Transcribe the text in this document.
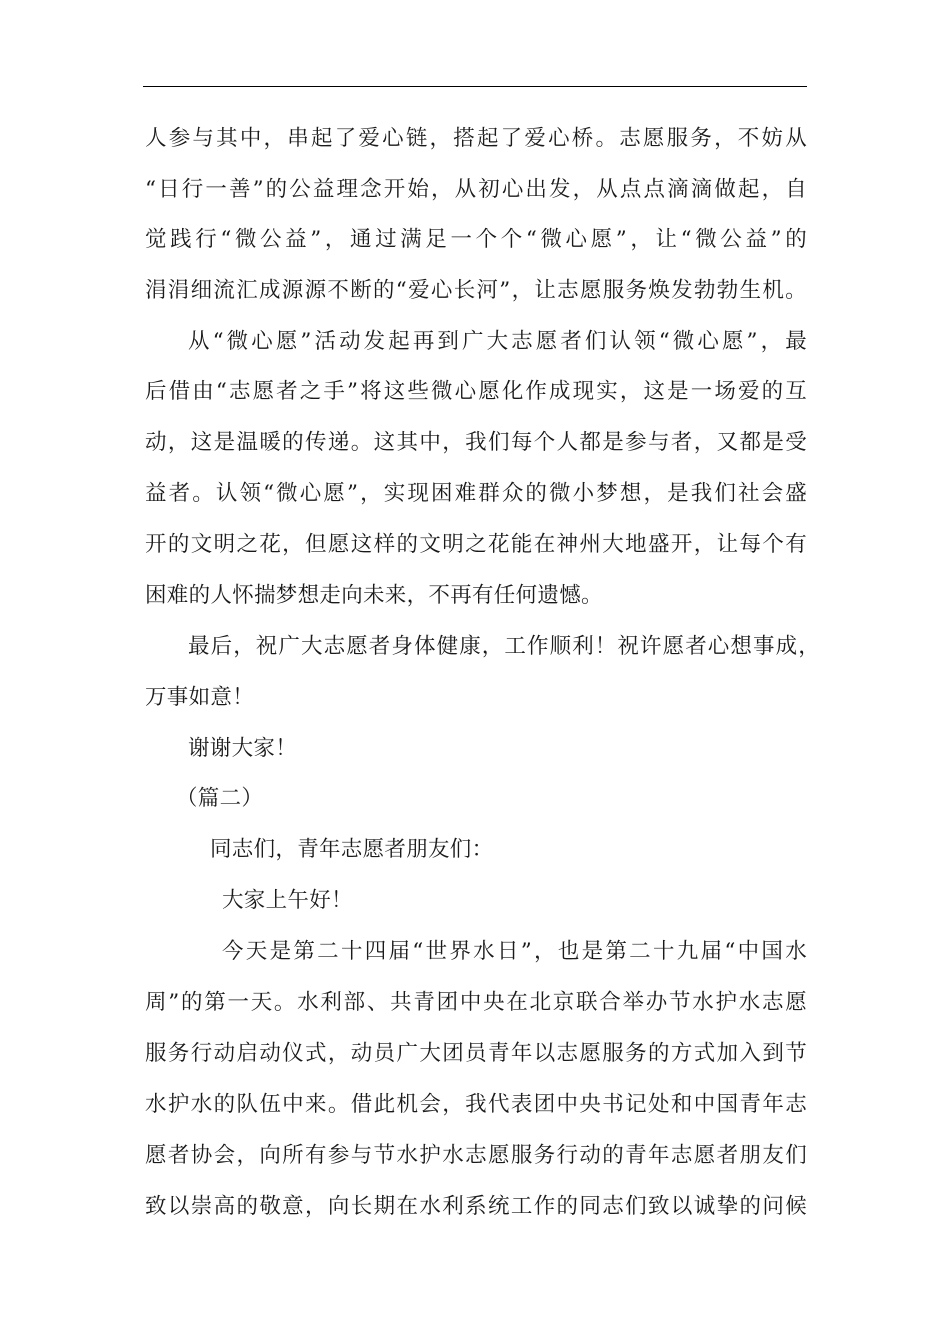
人参与其中，串起了爱心链，搭起了爱心桥。志愿服务，不妨从
“日行一善”的公益理念开始，从初心出发，从点点滴滴做起，自
觉践行“微公益”，通过满足一个个“微心愿”，让“微公益”的
涓涓细流汇成源源不断的“爱心长河”，让志愿服务焕发勃勃生机。
从“微心愿”活动发起再到广大志愿者们认领“微心愿”，最
后借由“志愿者之手”将这些微心愿化作成现实，这是一场爱的互
动，这是温暖的传递。这其中，我们每个人都是参与者，又都是受
益者。认领“微心愿”，实现困难群众的微小梦想，是我们社会盛
开的文明之花，但愿这样的文明之花能在神州大地盛开，让每个有
困难的人怀揣梦想走向未来，不再有任何遗憾。
最后，祝广大志愿者身体健康，工作顺利！祝许愿者心想事成，
万事如意！
谢谢大家！
（篇二）
同志们，青年志愿者朋友们：
大家上午好！
今天是第二十四届“世界水日”，也是第二十九届“中国水
周”的第一天。水利部、共青团中央在北京联合举办节水护水志愿
服务行动启动仪式，动员广大团员青年以志愿服务的方式加入到节
水护水的队伍中来。借此机会，我代表团中央书记处和中国青年志
愿者协会，向所有参与节水护水志愿服务行动的青年志愿者朋友们
致以崇高的敬意，向长期在水利系统工作的同志们致以诚挚的问候
